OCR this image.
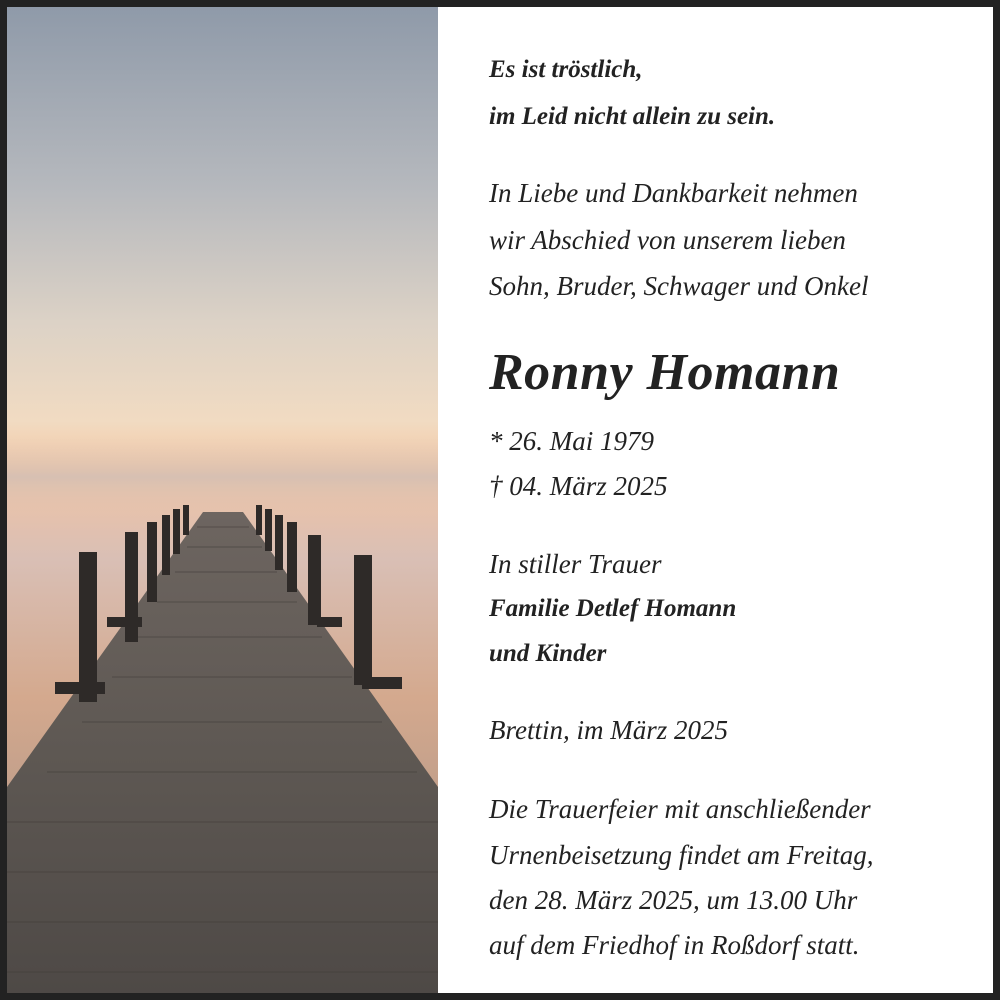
Es ist tröstlich,
im Leid nicht allein zu sein.
In Liebe und Dankbarkeit nehmen
wir Abschied von unserem lieben
Sohn, Bruder, Schwager und Onkel
Ronny Homann
* 26. Mai 1979
† 04. März 2025
In stiller Trauer
Familie Detlef Homann
und Kinder
Brettin, im März 2025
Die Trauerfeier mit anschließender
Urnenbeisetzung findet am Freitag,
den 28. März 2025, um 13.00 Uhr
auf dem Friedhof in Roßdorf statt.
